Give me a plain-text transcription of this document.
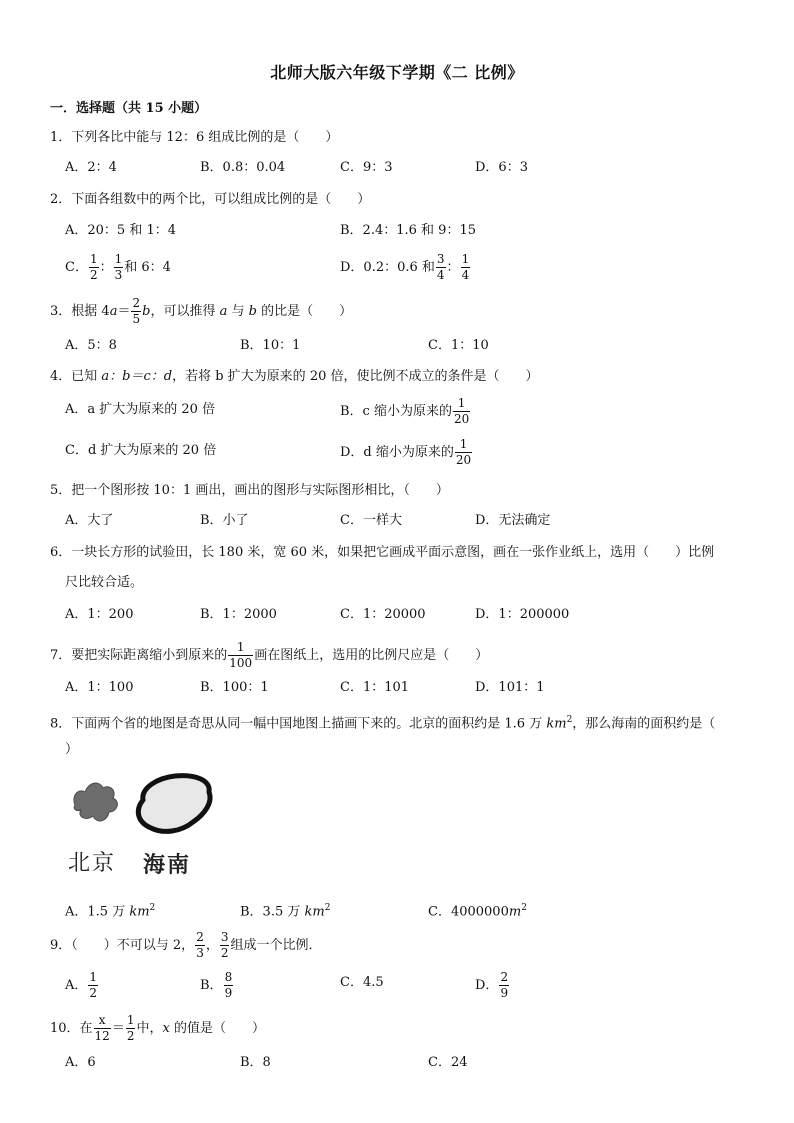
北师大版六年级下学期《二 比例》
一．选择题（共 15 小题）
1．下列各比中能与 12：6 组成比例的是（　　）
A．2：4	B．0.8：0.04	C．9：3	D．6：3
2．下面各组数中的两个比，可以组成比例的是（　　）
A．20：5 和 1：4	B．2.4：1.6 和 9：15
C． $\frac{1}{2}$ ： $\frac{1}{3}$ 和 6：4	D．0.2：0.6 和 $\frac{3}{4}$ ： $\frac{1}{4}$
3．根据 $4a= \frac{2}{5}$ b，可以推得 a 与 b 的比是（　　）
A．5：8	B．10：1	C．1：10
4．已知 a：b＝c：d，若将 b 扩大为原来的 20 倍，使比例不成立的条件是（　　）
A．a 扩大为原来的 20 倍	B．c 缩小为原来的 $\frac{1}{20}$
C．d 扩大为原来的 20 倍	D．d 缩小为原来的 $\frac{1}{20}$
5．把一个图形按 10：1 画出，画出的图形与实际图形相比，（　　）
A．大了	B．小了	C．一样大	D．无法确定
6．一块长方形的试验田，长 180 米，宽 60 米，如果把它画成平面示意图，画在一张作业纸上，选用（　　）比例
尺比较合适。
A．1：200	B．1：2000	C．1：20000	D．1：200000
7．要把实际距离缩小到原来的 $\frac{1}{100}$ 画在图纸上，选用的比例尺应是（　　）
A．1：100	B．100：1	C．1：101	D．101：1
8．下面两个省的地图是奇思从同一幅中国地图上描画下来的。北京的面积约是 1.6 万 $km^2$，那么海南的面积约是（
）
北京 海南
A．1.5 万 $km^2$	B．3.5 万 $km^2$	C．$4000000m^2$
9．（　　）不可以与 2， $\frac{2}{3}$ ， $\frac{3}{2}$ 组成一个比例．
A． $\frac{1}{2}$	B． $\frac{8}{9}$	C．4.5	D． $\frac{2}{9}$
10．在 $\frac{x}{12} = \frac{1}{2}$ 中，x 的值是（　　）
A．6	B．8	C．24
